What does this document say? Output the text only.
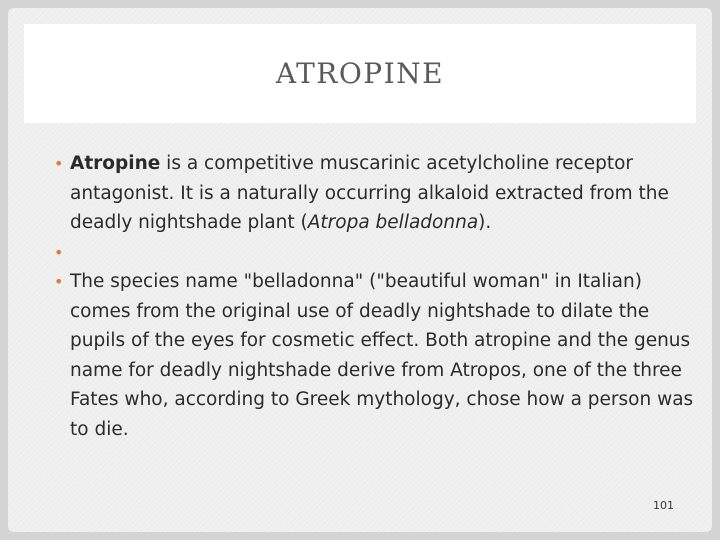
ATROPINE
• Atropine is a competitive muscarinic acetylcholine receptor antagonist. It is a naturally occurring alkaloid extracted from the deadly nightshade plant (Atropa belladonna).
•

• The species name "belladonna" ("beautiful woman" in Italian) comes from the original use of deadly nightshade to dilate the pupils of the eyes for cosmetic effect. Both atropine and the genus name for deadly nightshade derive from Atropos, one of the three Fates who, according to Greek mythology, chose how a person was to die.
101
